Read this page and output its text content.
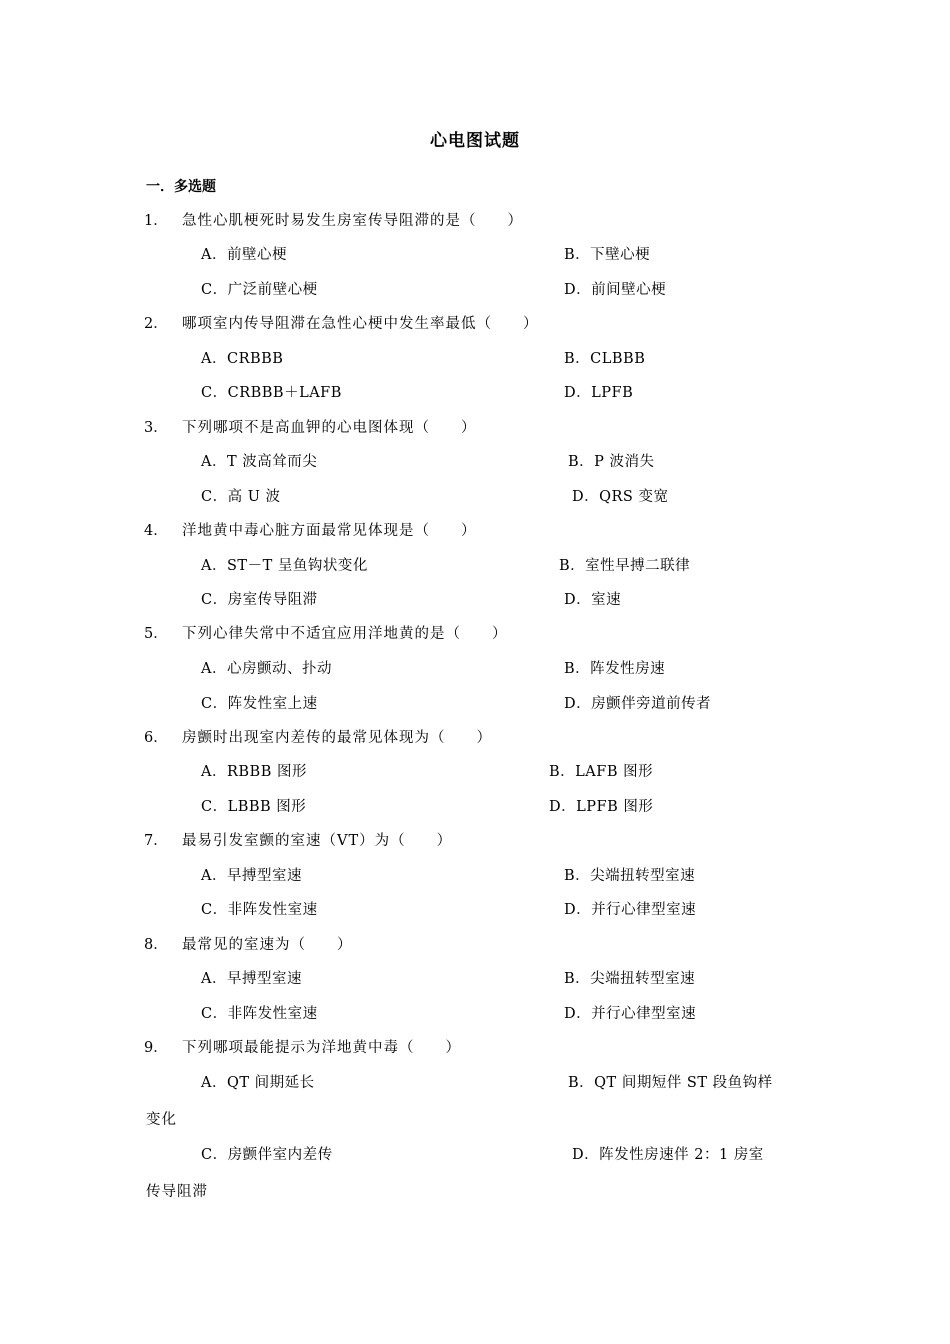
心电图试题
一．多选题
1． 急性心肌梗死时易发生房室传导阻滞的是（　　）
A．前壁心梗	B．下壁心梗
C．广泛前壁心梗	D．前间壁心梗
2． 哪项室内传导阻滞在急性心梗中发生率最低（　　）
A．CRBBB	B．CLBBB
C．CRBBB＋LAFB	D．LPFB
3． 下列哪项不是高血钾的心电图体现（　　）
A．T 波高耸而尖	B．P 波消失
C．高 U 波	D．QRS 变宽
4． 洋地黄中毒心脏方面最常见体现是（　　）
A．ST－T 呈鱼钩状变化	B．室性早搏二联律
C．房室传导阻滞	D．室速
5． 下列心律失常中不适宜应用洋地黄的是（　　）
A．心房颤动、扑动	B．阵发性房速
C．阵发性室上速	D．房颤伴旁道前传者
6． 房颤时出现室内差传的最常见体现为（　　）
A．RBBB 图形	B．LAFB 图形
C．LBBB 图形	D．LPFB 图形
7． 最易引发室颤的室速（VT）为（　　）
A．早搏型室速	B．尖端扭转型室速
C．非阵发性室速	D．并行心律型室速
8． 最常见的室速为（　　）
A．早搏型室速	B．尖端扭转型室速
C．非阵发性室速	D．并行心律型室速
9． 下列哪项最能提示为洋地黄中毒（　　）
A．QT 间期延长	B．QT 间期短伴 ST 段鱼钩样
变化
C．房颤伴室内差传	D．阵发性房速伴 2：1 房室
传导阻滞
